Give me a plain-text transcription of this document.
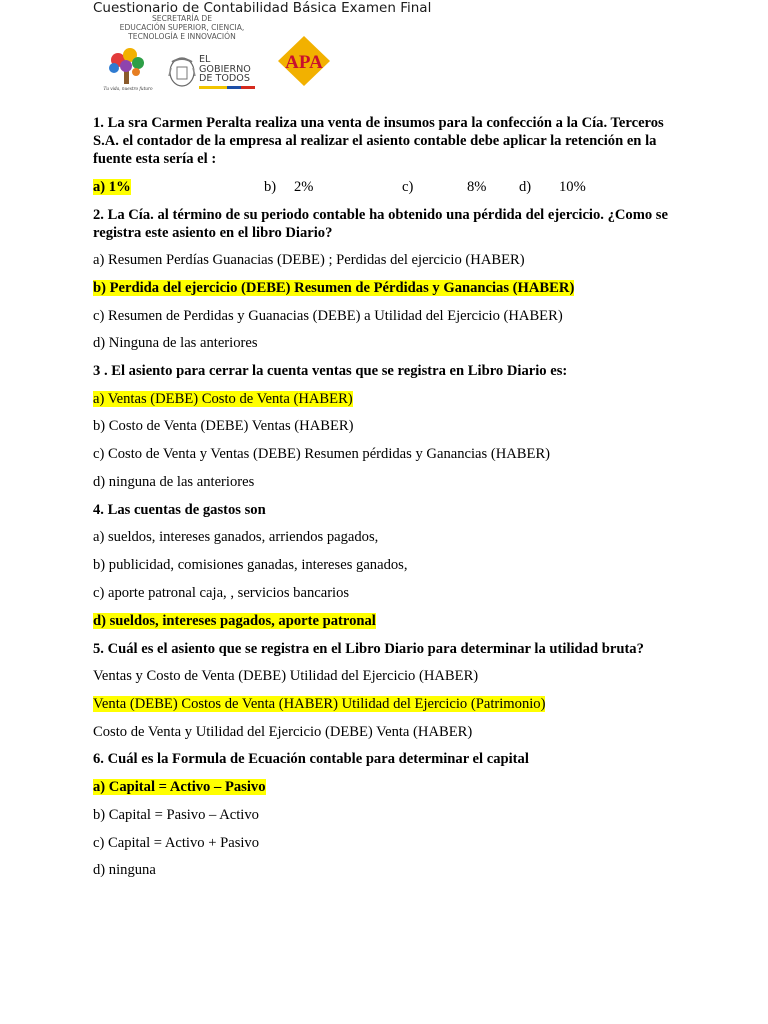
Cuestionario de Contabilidad Básica Examen Final
SECRETARÍA DE
EDUCACIÓN SUPERIOR, CIENCIA,
TECNOLOGÍA E INNOVACIÓN
Tu vida, nuestro futuro
EL
GOBIERNO
DE TODOS
APA
1. La sra Carmen Peralta realiza una venta de insumos para la confección a la Cía. Terceros S.A. el contador de la empresa al realizar el asiento contable debe aplicar la retención en la fuente esta sería el :
a) 1%	b)	2%	c)	8%	d)	10%
2. La Cía. al término de su periodo contable ha obtenido una pérdida del ejercicio. ¿Como se registra este asiento en el libro Diario?
a) Resumen Perdías Guanacias (DEBE) ; Perdidas del ejercicio (HABER)
b) Perdida del ejercicio (DEBE) Resumen de Pérdidas y Ganancias (HABER)
c) Resumen de Perdidas y Guanacias (DEBE) a Utilidad del Ejercicio (HABER)
d) Ninguna de las anteriores
3 . El asiento para cerrar la cuenta ventas que se registra en Libro Diario es:
a) Ventas (DEBE) Costo de Venta (HABER)
b) Costo de Venta (DEBE) Ventas (HABER)
c) Costo de Venta y Ventas (DEBE) Resumen pérdidas y Ganancias (HABER)
d) ninguna de las anteriores
4. Las cuentas de gastos son
a) sueldos, intereses ganados, arriendos pagados,
b) publicidad, comisiones ganadas, intereses ganados,
c) aporte patronal caja, , servicios bancarios
d) sueldos, intereses pagados, aporte patronal
5. Cuál es el asiento que se registra en el Libro Diario para determinar la utilidad bruta?
Ventas y Costo de Venta (DEBE) Utilidad del Ejercicio (HABER)
Venta (DEBE) Costos de Venta (HABER) Utilidad del Ejercicio (Patrimonio)
Costo de Venta y Utilidad del Ejercicio (DEBE) Venta (HABER)
6. Cuál es la Formula de Ecuación contable para determinar el capital
a) Capital = Activo – Pasivo
b) Capital = Pasivo – Activo
c) Capital = Activo + Pasivo
d) ninguna
